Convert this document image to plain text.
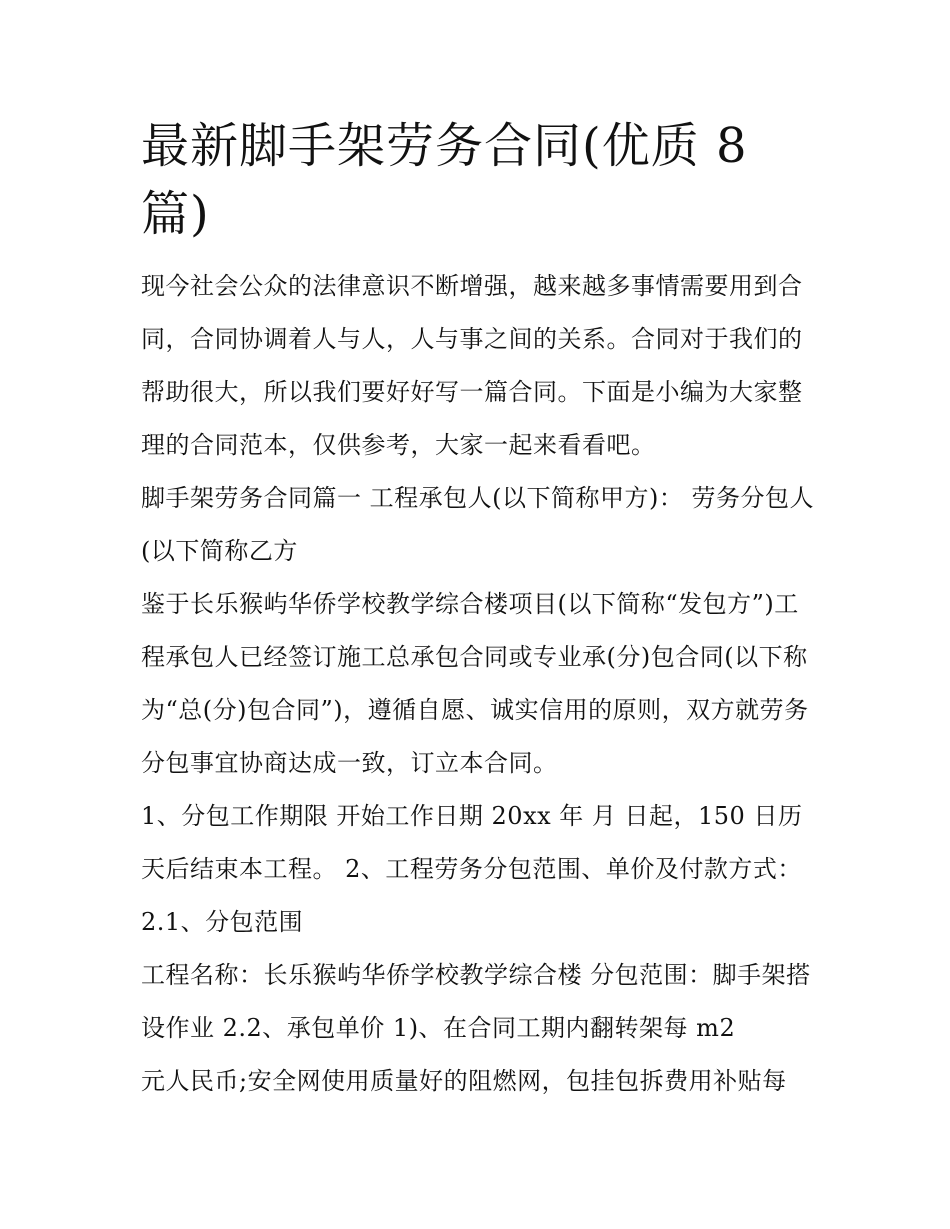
最新脚手架劳务合同(优质 8 篇)

现今社会公众的法律意识不断增强，越来越多事情需要用到合同，合同协调着人与人，人与事之间的关系。合同对于我们的帮助很大，所以我们要好好写一篇合同。下面是小编为大家整理的合同范本，仅供参考，大家一起来看看吧。

脚手架劳务合同篇一 工程承包人(以下简称甲方)： 劳务分包人(以下简称乙方

鉴于长乐猴屿华侨学校教学综合楼项目(以下简称“发包方”)工程承包人已经签订施工总承包合同或专业承(分)包合同(以下称为“总(分)包合同”)，遵循自愿、诚实信用的原则，双方就劳务分包事宜协商达成一致，订立本合同。

1、分包工作期限 开始工作日期 20xx 年 月 日起，150 日历天后结束本工程。 2、工程劳务分包范围、单价及付款方式：

2.1、分包范围

工程名称：长乐猴屿华侨学校教学综合楼 分包范围：脚手架搭设作业 2.2、承包单价 1)、在合同工期内翻转架每 m2

元人民币;安全网使用质量好的阻燃网，包挂包拆费用补贴每
